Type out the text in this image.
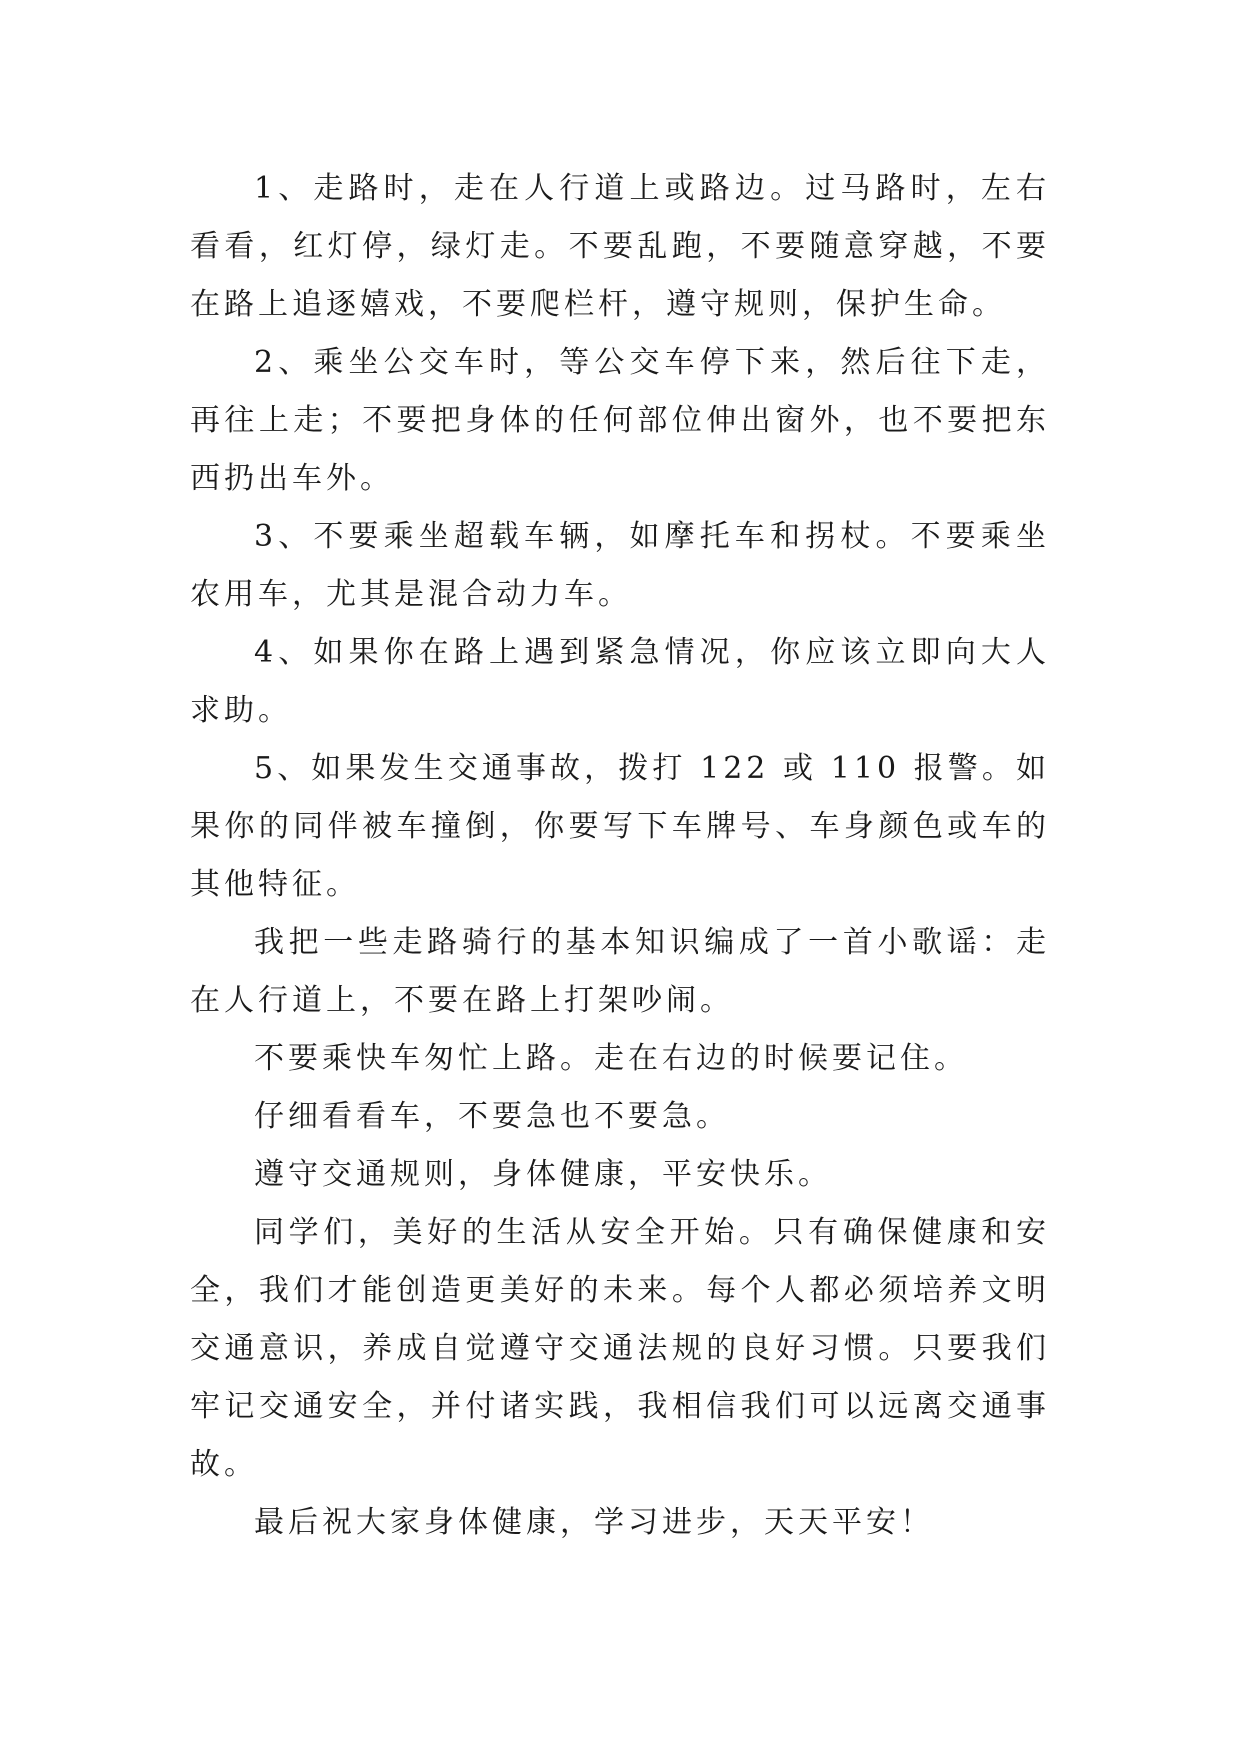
1、走路时，走在人行道上或路边。过马路时，左右看看，红灯停，绿灯走。不要乱跑，不要随意穿越，不要在路上追逐嬉戏，不要爬栏杆，遵守规则，保护生命。

2、乘坐公交车时，等公交车停下来，然后往下走，再往上走；不要把身体的任何部位伸出窗外，也不要把东西扔出车外。

3、不要乘坐超载车辆，如摩托车和拐杖。不要乘坐农用车，尤其是混合动力车。

4、如果你在路上遇到紧急情况，你应该立即向大人求助。

5、如果发生交通事故，拨打 122 或 110 报警。如果你的同伴被车撞倒，你要写下车牌号、车身颜色或车的其他特征。

我把一些走路骑行的基本知识编成了一首小歌谣：走在人行道上，不要在路上打架吵闹。

不要乘快车匆忙上路。走在右边的时候要记住。

仔细看看车，不要急也不要急。

遵守交通规则，身体健康，平安快乐。

同学们，美好的生活从安全开始。只有确保健康和安全，我们才能创造更美好的未来。每个人都必须培养文明交通意识，养成自觉遵守交通法规的良好习惯。只要我们牢记交通安全，并付诸实践，我相信我们可以远离交通事故。

最后祝大家身体健康，学习进步，天天平安！
